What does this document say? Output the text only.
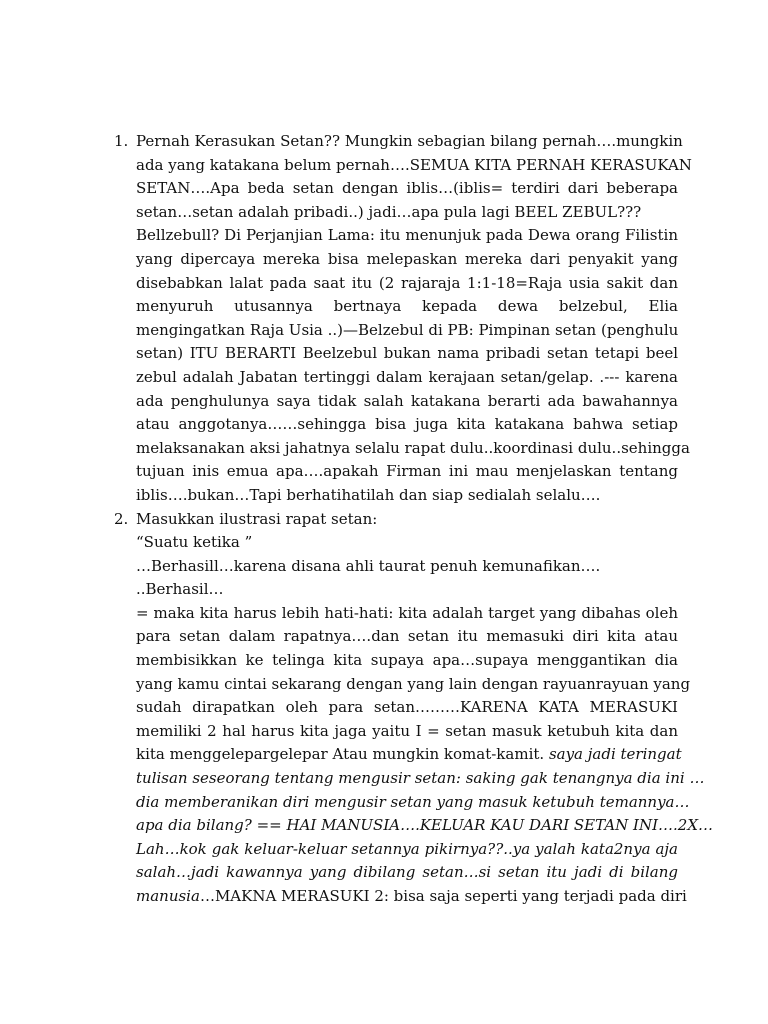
1. Pernah Kerasukan Setan?? Mungkin sebagian bilang pernah….mungkin
ada yang katakana belum pernah….SEMUA KITA PERNAH KERASUKAN
SETAN….Apa beda setan dengan iblis…(iblis= terdiri dari beberapa
setan…setan adalah pribadi..) jadi…apa pula lagi BEEL ZEBUL???
Bellzebull? Di Perjanjian Lama: itu menunjuk pada Dewa orang Filistin
yang dipercaya mereka bisa melepaskan mereka dari penyakit yang
disebabkan lalat pada saat itu (2 rajaraja 1:1-18=Raja usia sakit dan
menyuruh utusannya bertnaya kepada dewa belzebul, Elia
mengingatkan Raja Usia ..)—Belzebul di PB: Pimpinan setan (penghulu
setan) ITU BERARTI Beelzebul bukan nama pribadi setan tetapi beel
zebul adalah Jabatan tertinggi dalam kerajaan setan/gelap. .--- karena
ada penghulunya saya tidak salah katakana berarti ada bawahannya
atau anggotanya……sehingga bisa juga kita katakana bahwa setiap
melaksanakan aksi jahatnya selalu rapat dulu..koordinasi dulu..sehingga
tujuan inis emua apa….apakah Firman ini mau menjelaskan tentang
iblis….bukan…Tapi berhatihatilah dan siap sedialah selalu….
2. Masukkan ilustrasi rapat setan:
“Suatu ketika ”
…Berhasill…karena disana ahli taurat penuh kemunafikan….
..Berhasil…
= maka kita harus lebih hati-hati: kita adalah target yang dibahas oleh
para setan dalam rapatnya….dan setan itu memasuki diri kita atau
membisikkan ke telinga kita supaya apa…supaya menggantikan dia
yang kamu cintai sekarang dengan yang lain dengan rayuanrayuan yang
sudah dirapatkan oleh para setan………KARENA KATA MERASUKI
memiliki 2 hal harus kita jaga yaitu I = setan masuk ketubuh kita dan
kita menggelepargelepar Atau mungkin komat-kamit. saya jadi teringat
tulisan seseorang tentang mengusir setan: saking gak tenangnya dia ini …
dia memberanikan diri mengusir setan yang masuk ketubuh temannya…
apa dia bilang? == HAI MANUSIA….KELUAR KAU DARI SETAN INI….2X…
Lah…kok gak keluar-keluar setannya pikirnya??..ya yalah kata2nya aja
salah…jadi kawannya yang dibilang setan…si setan itu jadi di bilang
manusia…MAKNA MERASUKI 2: bisa saja seperti yang terjadi pada diri
